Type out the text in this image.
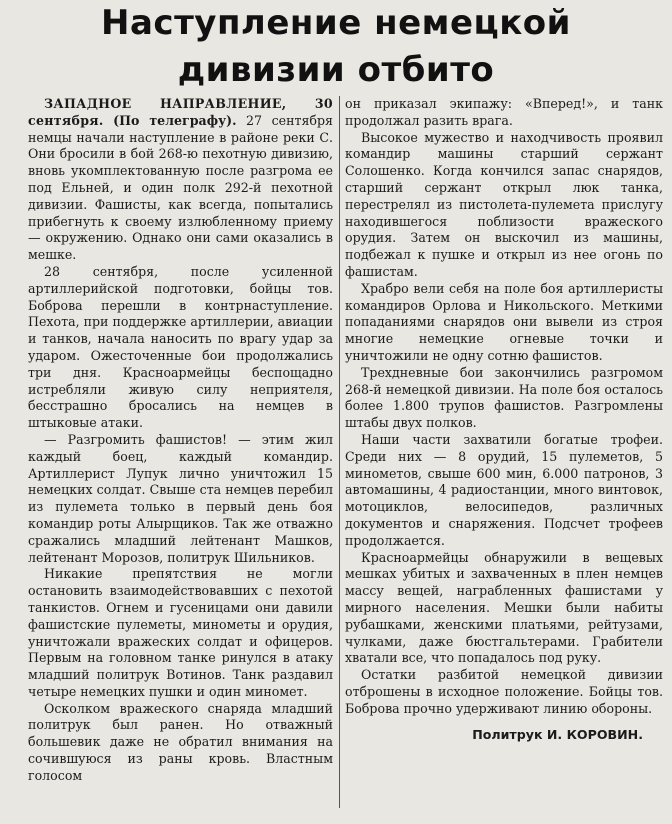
Наступление немецкой
дивизии отбито

ЗАПАДНОЕ НАПРАВЛЕНИЕ, 30 сентября. (По телеграфу). 27 сентября немцы начали наступление в районе реки С. Они бросили в бой 268-ю пехотную дивизию, вновь укомплектованную после разгрома ее под Ельней, и один полк 292-й пехотной дивизии. Фашисты, как всегда, попытались прибегнуть к своему излюбленному приему — окружению. Однако они сами оказались в мешке.

28 сентября, после усиленной артиллерийской подготовки, бойцы тов. Боброва перешли в контрнаступление. Пехота, при поддержке артиллерии, авиации и танков, начала наносить по врагу удар за ударом. Ожесточенные бои продолжались три дня. Красноармейцы беспощадно истребляли живую силу неприятеля, бесстрашно бросались на немцев в штыковые атаки.

— Разгромить фашистов! — этим жил каждый боец, каждый командир. Артиллерист Лупук лично уничтожил 15 немецких солдат. Свыше ста немцев перебил из пулемета только в первый день боя командир роты Алырщиков. Так же отважно сражались младший лейтенант Машков, лейтенант Морозов, политрук Шильников.

Никакие препятствия не могли остановить взаимодействовавших с пехотой танкистов. Огнем и гусеницами они давили фашистские пулеметы, минометы и орудия, уничтожали вражеских солдат и офицеров. Первым на головном танке ринулся в атаку младший политрук Вотинов. Танк раздавил четыре немецких пушки и один миномет.

Осколком вражеского снаряда младший политрук был ранен. Но отважный большевик даже не обратил внимания на сочившуюся из раны кровь. Властным голосом

он приказал экипажу: «Вперед!», и танк продолжал разить врага.

Высокое мужество и находчивость проявил командир машины старший сержант Солошенко. Когда кончился запас снарядов, старший сержант открыл люк танка, перестрелял из пистолета-пулемета прислугу находившегося поблизости вражеского орудия. Затем он выскочил из машины, подбежал к пушке и открыл из нее огонь по фашистам.

Храбро вели себя на поле боя артиллеристы командиров Орлова и Никольского. Меткими попаданиями снарядов они вывели из строя многие немецкие огневые точки и уничтожили не одну сотню фашистов.

Трехдневные бои закончились разгромом 268-й немецкой дивизии. На поле боя осталось более 1.800 трупов фашистов. Разгромлены штабы двух полков.

Наши части захватили богатые трофеи. Среди них — 8 орудий, 15 пулеметов, 5 минометов, свыше 600 мин, 6.000 патронов, 3 автомашины, 4 радиостанции, много винтовок, мотоциклов, велосипедов, различных документов и снаряжения. Подсчет трофеев продолжается.

Красноармейцы обнаружили в вещевых мешках убитых и захваченных в плен немцев массу вещей, награбленных фашистами у мирного населения. Мешки были набиты рубашками, женскими платьями, рейтузами, чулками, даже бюстгальтерами. Грабители хватали все, что попадалось под руку.

Остатки разбитой немецкой дивизии отброшены в исходное положение. Бойцы тов. Боброва прочно удерживают линию обороны.

Политрук И. КОРОВИН.
